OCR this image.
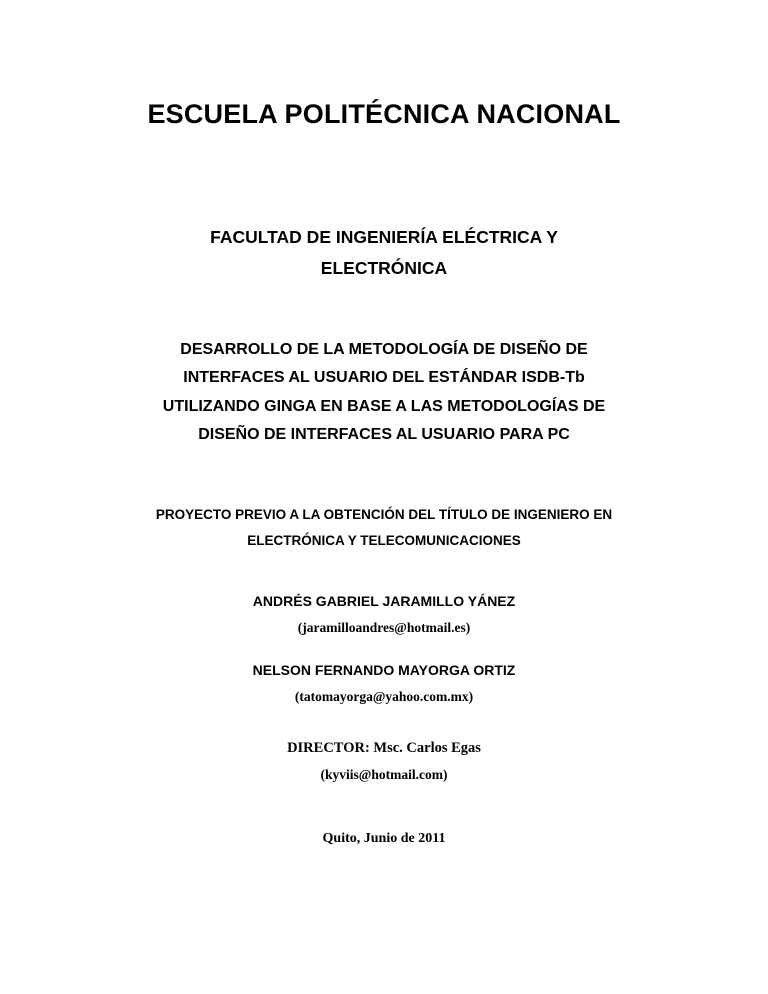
ESCUELA POLITÉCNICA NACIONAL
FACULTAD DE INGENIERÍA ELÉCTRICA Y
ELECTRÓNICA
DESARROLLO DE LA METODOLOGÍA DE DISEÑO DE
INTERFACES AL USUARIO DEL ESTÁNDAR ISDB-Tb
UTILIZANDO GINGA EN BASE A LAS METODOLOGÍAS DE
DISEÑO DE INTERFACES AL USUARIO PARA PC
PROYECTO PREVIO A LA OBTENCIÓN DEL TÍTULO DE INGENIERO EN
ELECTRÓNICA Y TELECOMUNICACIONES

ANDRÉS GABRIEL JARAMILLO YÁNEZ

(jaramilloandres@hotmail.es)

NELSON FERNANDO MAYORGA ORTIZ

(tatomayorga@yahoo.com.mx)

DIRECTOR: Msc. Carlos Egas

(kyviis@hotmail.com)

Quito, Junio de 2011
